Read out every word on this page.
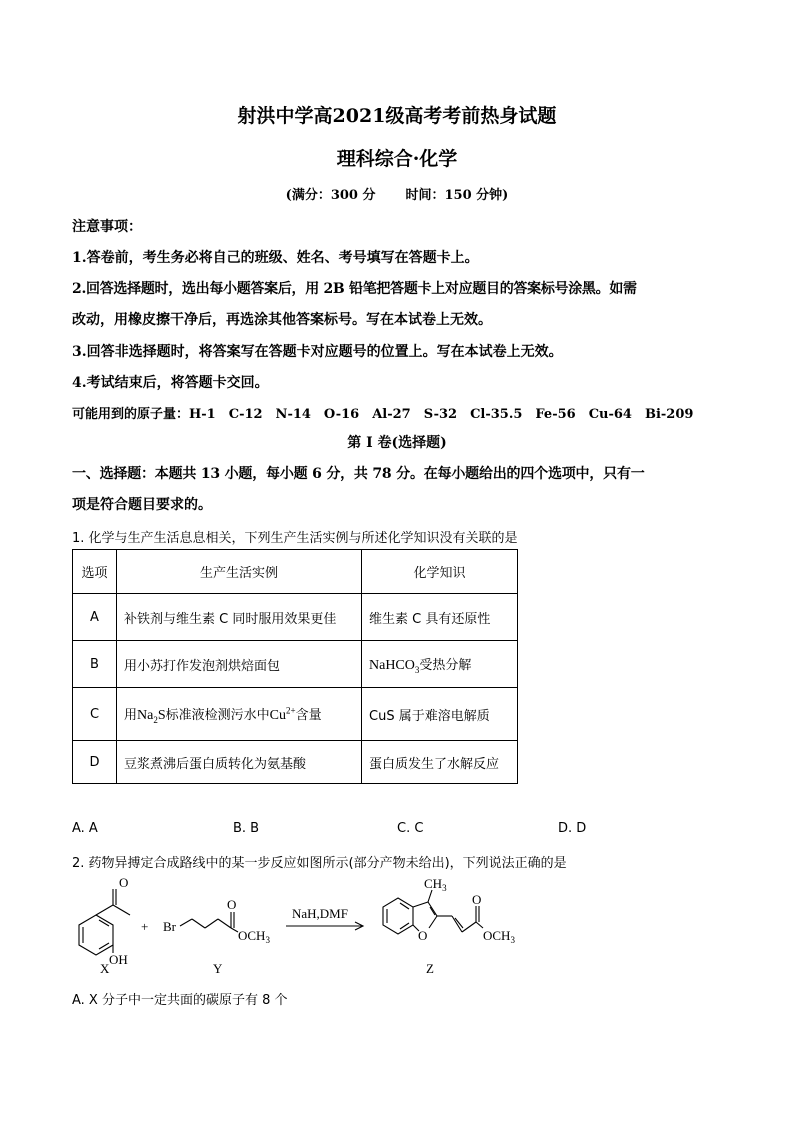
射洪中学高2021级高考考前热身试题
理科综合·化学
(满分：300 分 时间：150 分钟)
注意事项：
1.答卷前，考生务必将自己的班级、姓名、考号填写在答题卡上。
2.回答选择题时，选出每小题答案后，用 2B 铅笔把答题卡上对应题目的答案标号涂黑。如需
改动，用橡皮擦干净后，再选涂其他答案标号。写在本试卷上无效。
3.回答非选择题时，将答案写在答题卡对应题号的位置上。写在本试卷上无效。
4.考试结束后，将答题卡交回。
可能用到的原子量：H-1　C-12　N-14　O-16　Al-27　S-32　Cl-35.5　Fe-56　Cu-64　Bi-209
第 I 卷(选择题)
一、选择题：本题共 13 小题，每小题 6 分，共 78 分。在每小题给出的四个选项中，只有一
项是符合题目要求的。
1. 化学与生产生活息息相关，下列生产生活实例与所述化学知识没有关联的是
选项	生产生活实例	化学知识
A	补铁剂与维生素 C 同时服用效果更佳	维生素 C 具有还原性
B	用小苏打作发泡剂烘焙面包	NaHCO$_3$受热分解
C	用$Na_2S$标准液检测污水中$Cu^{2+}$含量	CuS 属于难溶电解质
D	豆浆煮沸后蛋白质转化为氨基酸	蛋白质发生了水解反应
A. A	B. B	C. C	D. D
2. 药物异搏定合成路线中的某一步反应如图所示(部分产物未给出)，下列说法正确的是
O
OH
+ Br
O
$OCH_3$
NaH,DMF
$CH_3$
O
O
$OCH_3$
X	Y	Z
A. X 分子中一定共面的碳原子有 8 个
